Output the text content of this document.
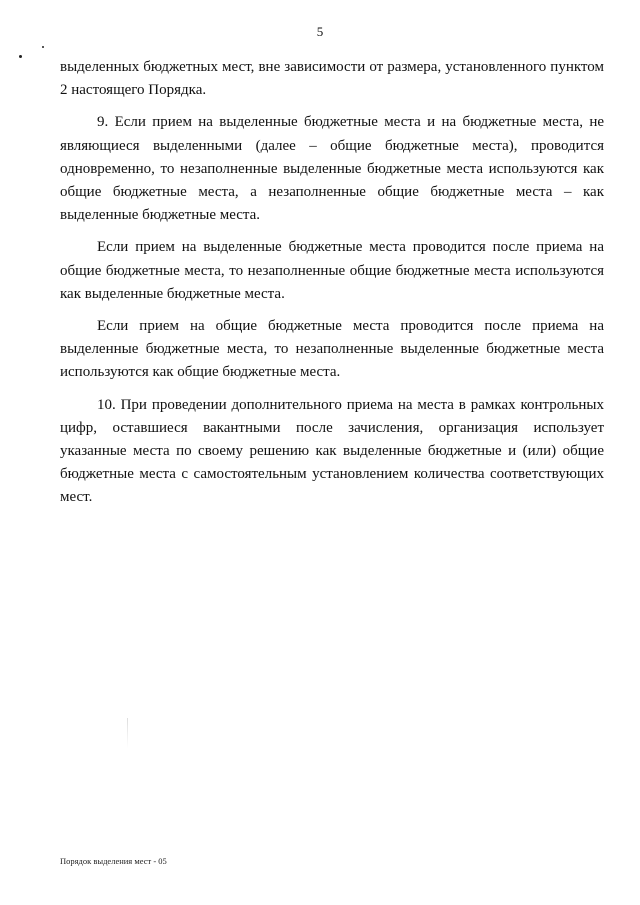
5

выделенных бюджетных мест, вне зависимости от размера, установленного пунктом 2 настоящего Порядка.

9. Если прием на выделенные бюджетные места и на бюджетные места, не являющиеся выделенными (далее – общие бюджетные места), проводится одновременно, то незаполненные выделенные бюджетные места используются как общие бюджетные места, а незаполненные общие бюджетные места – как выделенные бюджетные места.

Если прием на выделенные бюджетные места проводится после приема на общие бюджетные места, то незаполненные общие бюджетные места используются как выделенные бюджетные места.

Если прием на общие бюджетные места проводится после приема на выделенные бюджетные места, то незаполненные выделенные бюджетные места используются как общие бюджетные места.

10. При проведении дополнительного приема на места в рамках контрольных цифр, оставшиеся вакантными после зачисления, организация использует указанные места по своему решению как выделенные бюджетные и (или) общие бюджетные места с самостоятельным установлением количества соответствующих мест.

Порядок выделения мест - 05
